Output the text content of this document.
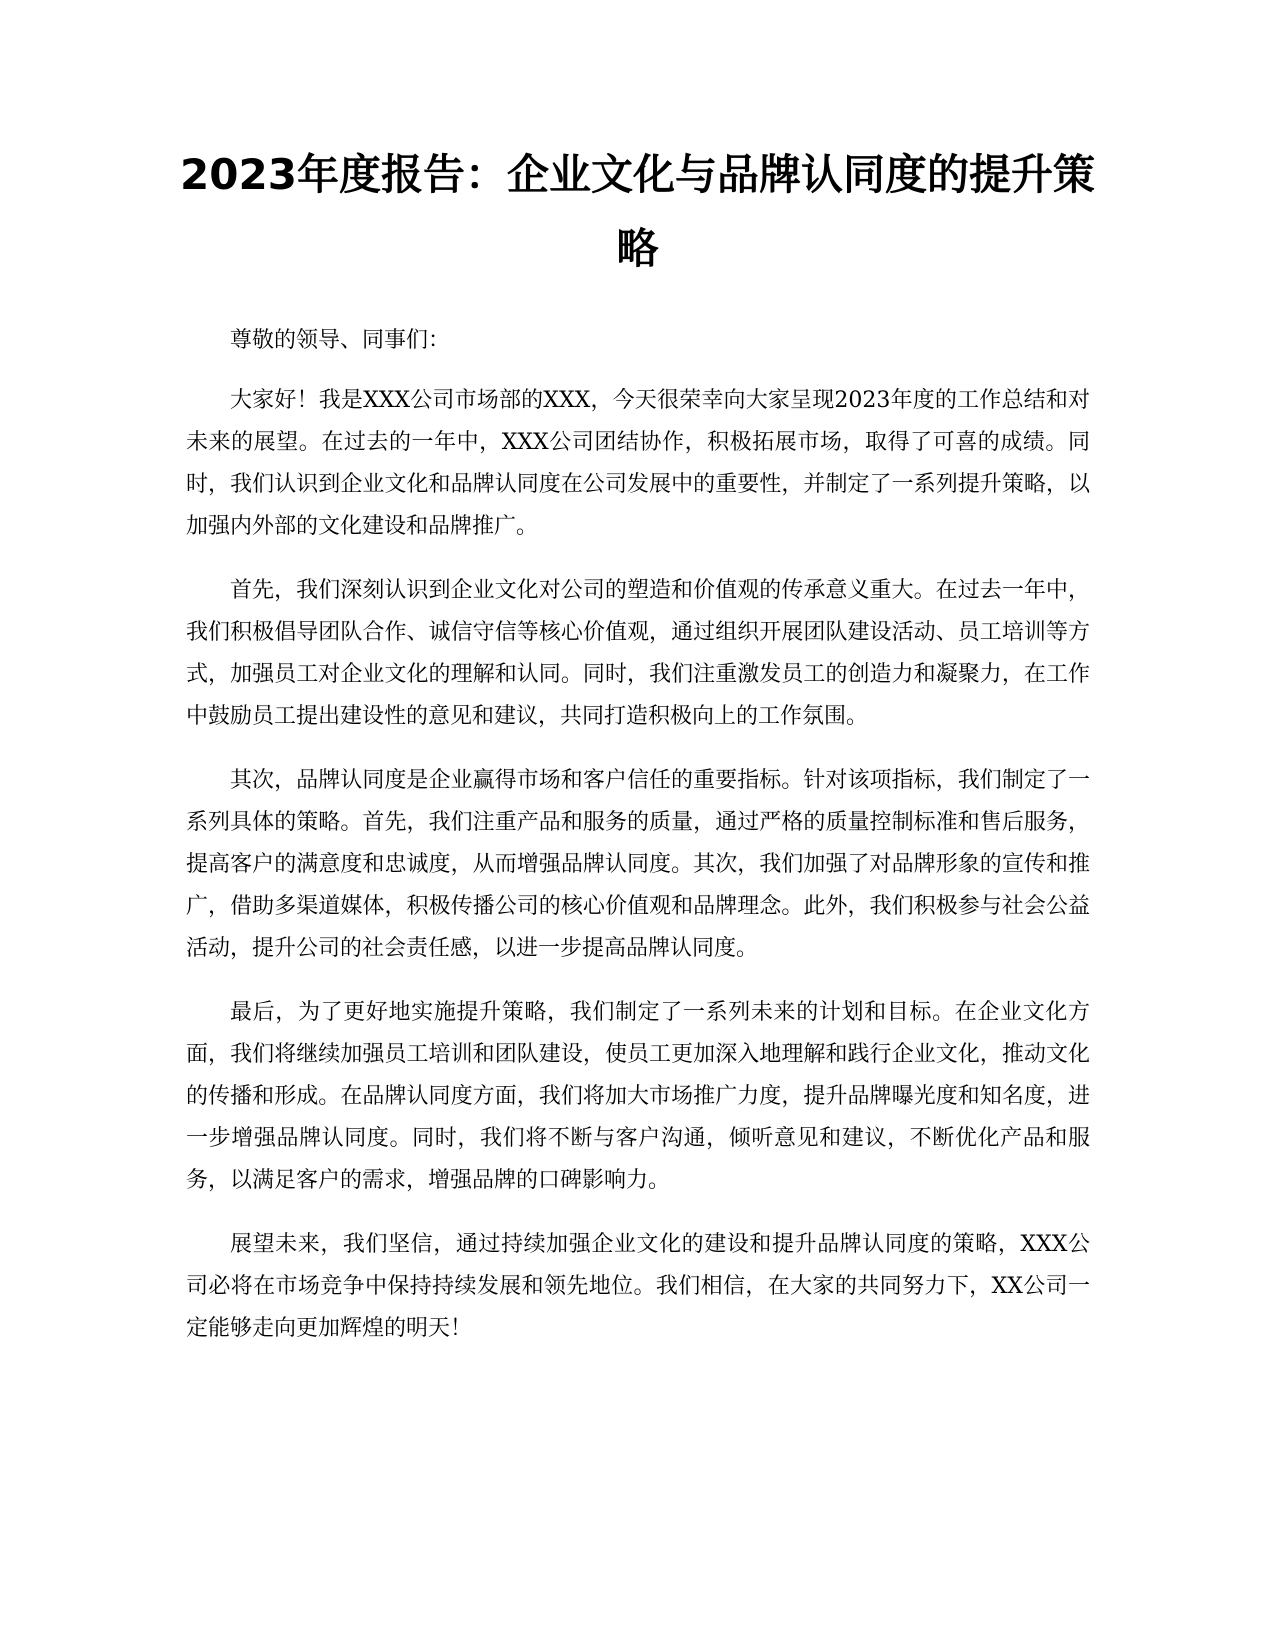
2023年度报告：企业文化与品牌认同度的提升策略

尊敬的领导、同事们：

大家好！我是XXX公司市场部的XXX，今天很荣幸向大家呈现2023年度的工作总结和对未来的展望。在过去的一年中，XXX公司团结协作，积极拓展市场，取得了可喜的成绩。同时，我们认识到企业文化和品牌认同度在公司发展中的重要性，并制定了一系列提升策略，以加强内外部的文化建设和品牌推广。

首先，我们深刻认识到企业文化对公司的塑造和价值观的传承意义重大。在过去一年中，我们积极倡导团队合作、诚信守信等核心价值观，通过组织开展团队建设活动、员工培训等方式，加强员工对企业文化的理解和认同。同时，我们注重激发员工的创造力和凝聚力，在工作中鼓励员工提出建设性的意见和建议，共同打造积极向上的工作氛围。

其次，品牌认同度是企业赢得市场和客户信任的重要指标。针对该项指标，我们制定了一系列具体的策略。首先，我们注重产品和服务的质量，通过严格的质量控制标准和售后服务，提高客户的满意度和忠诚度，从而增强品牌认同度。其次，我们加强了对品牌形象的宣传和推广，借助多渠道媒体，积极传播公司的核心价值观和品牌理念。此外，我们积极参与社会公益活动，提升公司的社会责任感，以进一步提高品牌认同度。

最后，为了更好地实施提升策略，我们制定了一系列未来的计划和目标。在企业文化方面，我们将继续加强员工培训和团队建设，使员工更加深入地理解和践行企业文化，推动文化的传播和形成。在品牌认同度方面，我们将加大市场推广力度，提升品牌曝光度和知名度，进一步增强品牌认同度。同时，我们将不断与客户沟通，倾听意见和建议，不断优化产品和服务，以满足客户的需求，增强品牌的口碑影响力。

展望未来，我们坚信，通过持续加强企业文化的建设和提升品牌认同度的策略，XXX公司必将在市场竞争中保持持续发展和领先地位。我们相信，在大家的共同努力下，XX公司一定能够走向更加辉煌的明天！
